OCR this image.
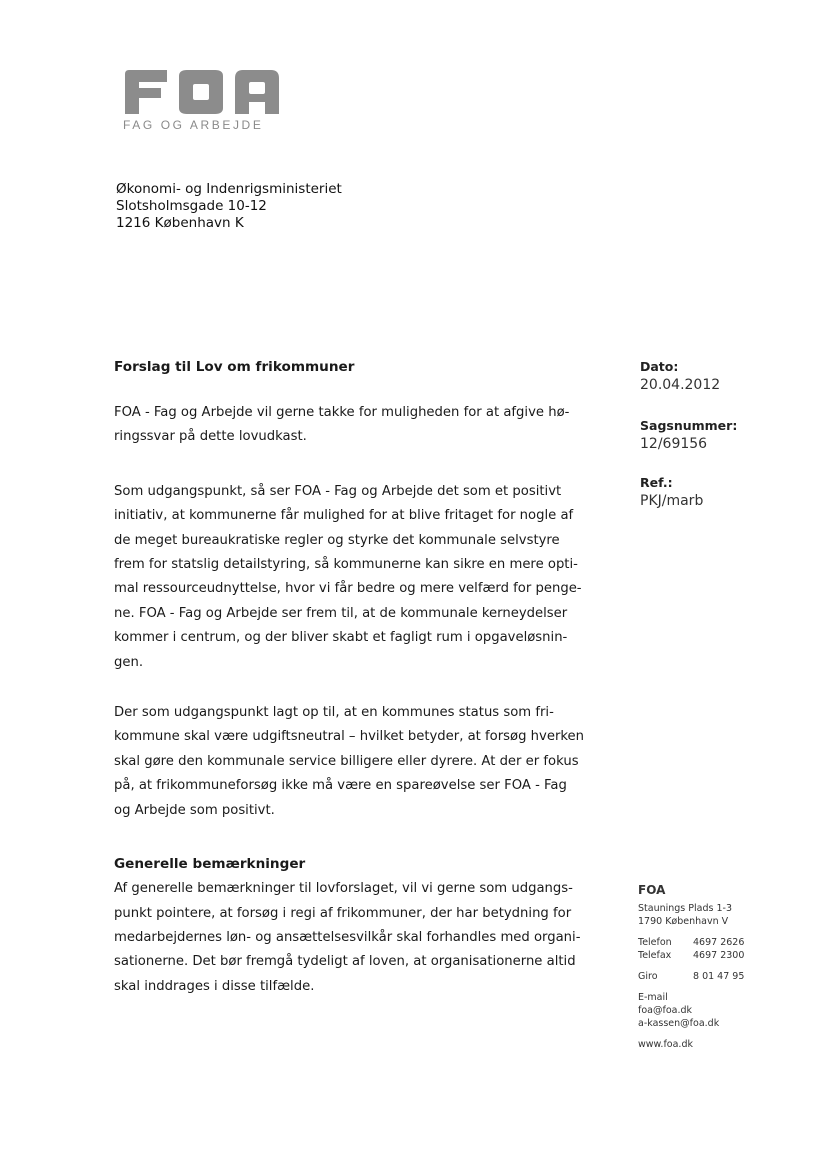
FAG OG ARBEJDE
Økonomi- og Indenrigsministeriet
Slotsholmsgade 10-12
1216 København K
Dato:
20.04.2012
Sagsnummer:
12/69156
Ref.:
PKJ/marb

Forslag til Lov om frikommuner

FOA - Fag og Arbejde vil gerne takke for muligheden for at afgive hø-
ringssvar på dette lovudkast.

Som udgangspunkt, så ser FOA - Fag og Arbejde det som et positivt
initiativ, at kommunerne får mulighed for at blive fritaget for nogle af
de meget bureaukratiske regler og styrke det kommunale selvstyre
frem for statslig detailstyring, så kommunerne kan sikre en mere opti-
mal ressourceudnyttelse, hvor vi får bedre og mere velfærd for penge-
ne. FOA - Fag og Arbejde ser frem til, at de kommunale kerneydelser
kommer i centrum, og der bliver skabt et fagligt rum i opgaveløsnin-
gen.

Der som udgangspunkt lagt op til, at en kommunes status som fri-
kommune skal være udgiftsneutral – hvilket betyder, at forsøg hverken
skal gøre den kommunale service billigere eller dyrere. At der er fokus
på, at frikommuneforsøg ikke må være en spareøvelse ser FOA - Fag
og Arbejde som positivt.

Generelle bemærkninger

Af generelle bemærkninger til lovforslaget, vil vi gerne som udgangs-
punkt pointere, at forsøg i regi af frikommuner, der har betydning for
medarbejdernes løn- og ansættelsesvilkår skal forhandles med organi-
sationerne. Det bør fremgå tydeligt af loven, at organisationerne altid
skal inddrages i disse tilfælde.

FOA
Staunings Plads 1-3
1790 København V
Telefon	4697 2626
Telefax	4697 2300
Giro	8 01 47 95
E-mail
foa@foa.dk
a-kassen@foa.dk
www.foa.dk
